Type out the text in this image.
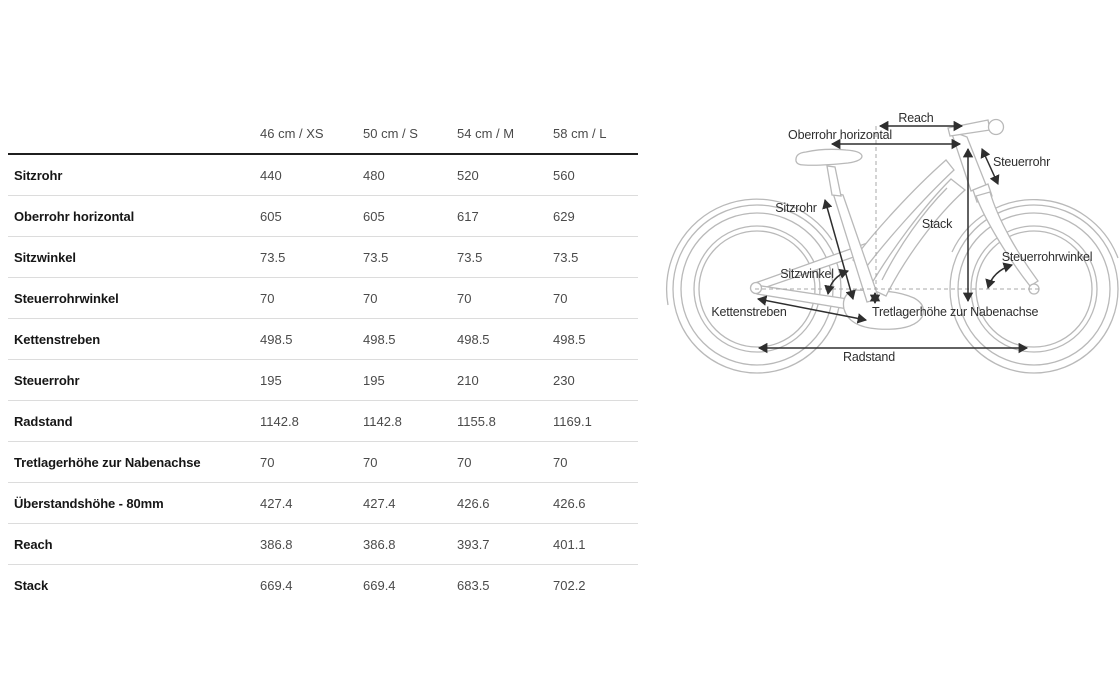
46 cm / XS	50 cm / S	54 cm / M	58 cm / L
Sitzrohr	440	480	520	560
Oberrohr horizontal	605	605	617	629
Sitzwinkel	73.5	73.5	73.5	73.5
Steuerrohrwinkel	70	70	70	70
Kettenstreben	498.5	498.5	498.5	498.5
Steuerrohr	195	195	210	230
Radstand	1142.8	1142.8	1155.8	1169.1
Tretlagerhöhe zur Nabenachse	70	70	70	70
Überstandshöhe - 80mm	427.4	427.4	426.6	426.6
Reach	386.8	386.8	393.7	401.1
Stack	669.4	669.4	683.5	702.2
Reach
Oberrohr horizontal
Steuerrohr
Stack
Sitzrohr
Sitzwinkel
Steuerrohrwinkel
Kettenstreben	Tretlagerhöhe zur Nabenachse
Radstand
